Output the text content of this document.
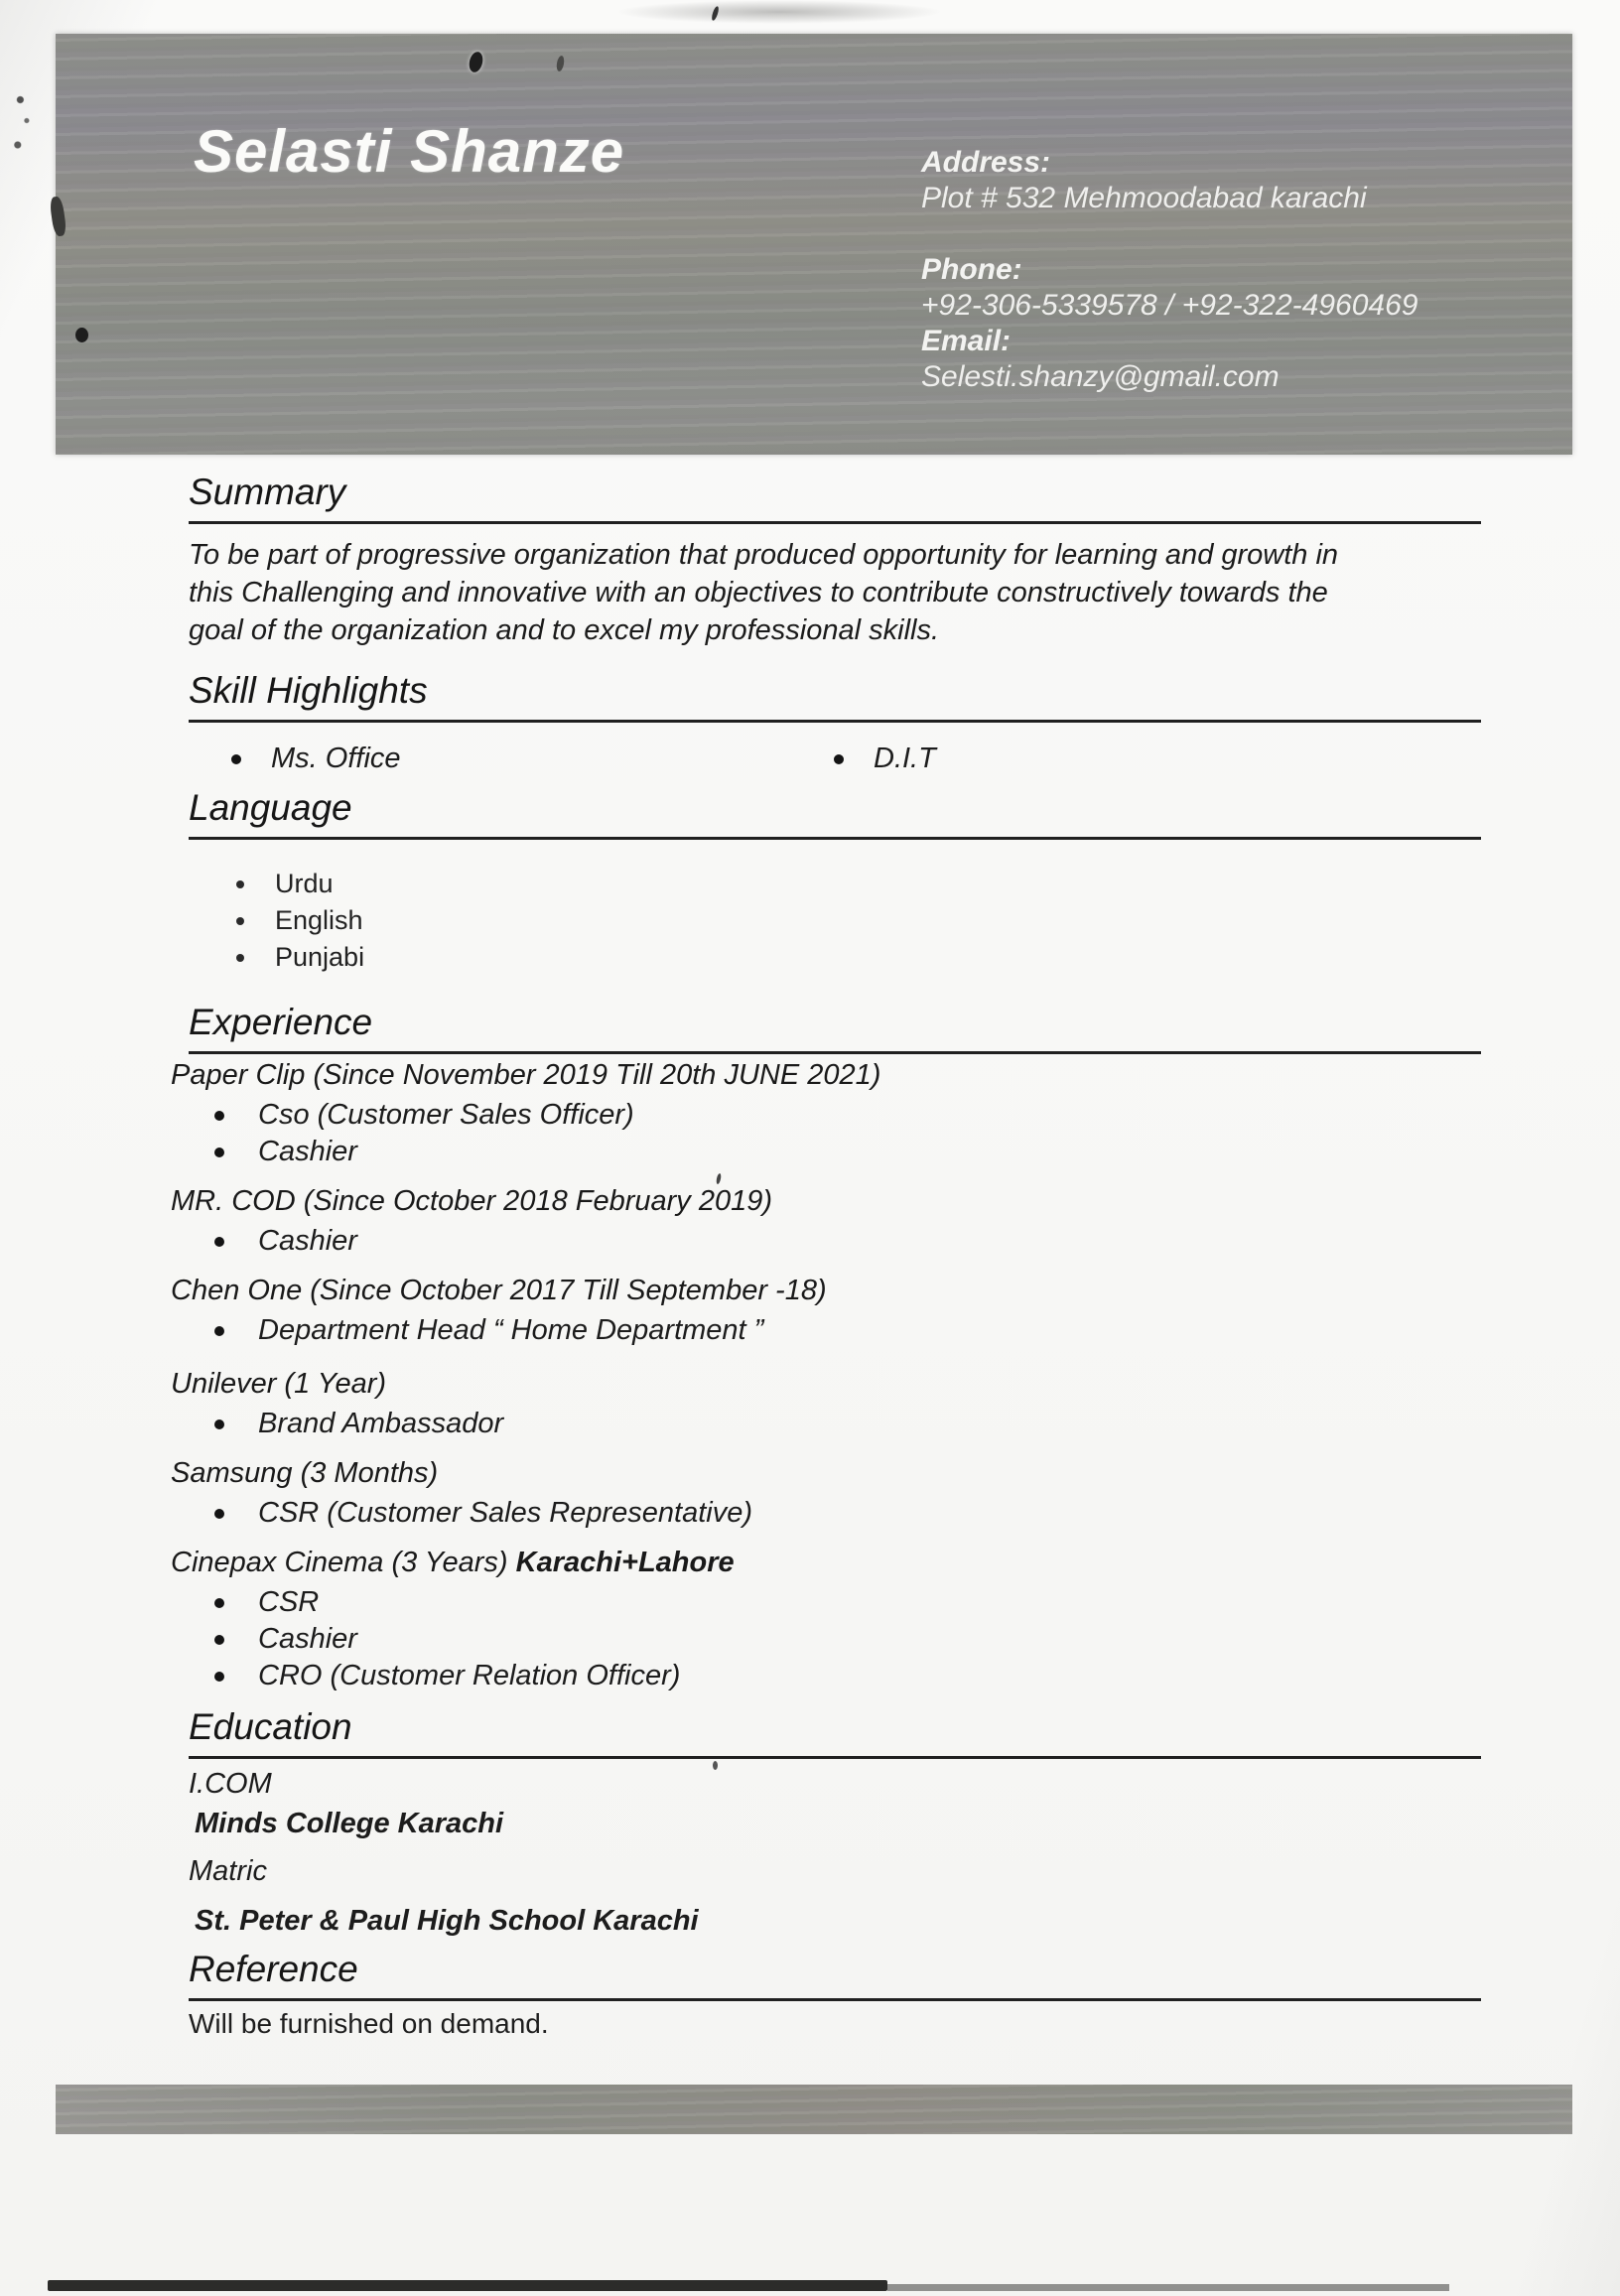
Selasti Shanze	Address:
Plot # 532 Mehmoodabad karachi
Phone:
+92-306-5339578 / +92-322-4960469
Email:
Selesti.shanzy@gmail.com
Summary
To be part of progressive organization that produced opportunity for learning and growth in
this Challenging and innovative with an objectives to contribute constructively towards the
goal of the organization and to excel my professional skills.
Skill Highlights
Ms. Office	D.I.T
Language
Urdu
English
Punjabi
Experience
Paper Clip (Since November 2019 Till 20th JUNE 2021)
Cso (Customer Sales Officer)
Cashier
MR. COD (Since October 2018 February 2019)
Cashier
Chen One (Since October 2017 Till September -18)
Department Head “ Home Department ”
Unilever (1 Year)
Brand Ambassador
Samsung (3 Months)
CSR (Customer Sales Representative)
Cinepax Cinema (3 Years) Karachi+Lahore
CSR
Cashier
CRO (Customer Relation Officer)
Education
I.COM
Minds College Karachi
Matric
St. Peter & Paul High School Karachi
Reference
Will be furnished on demand.
